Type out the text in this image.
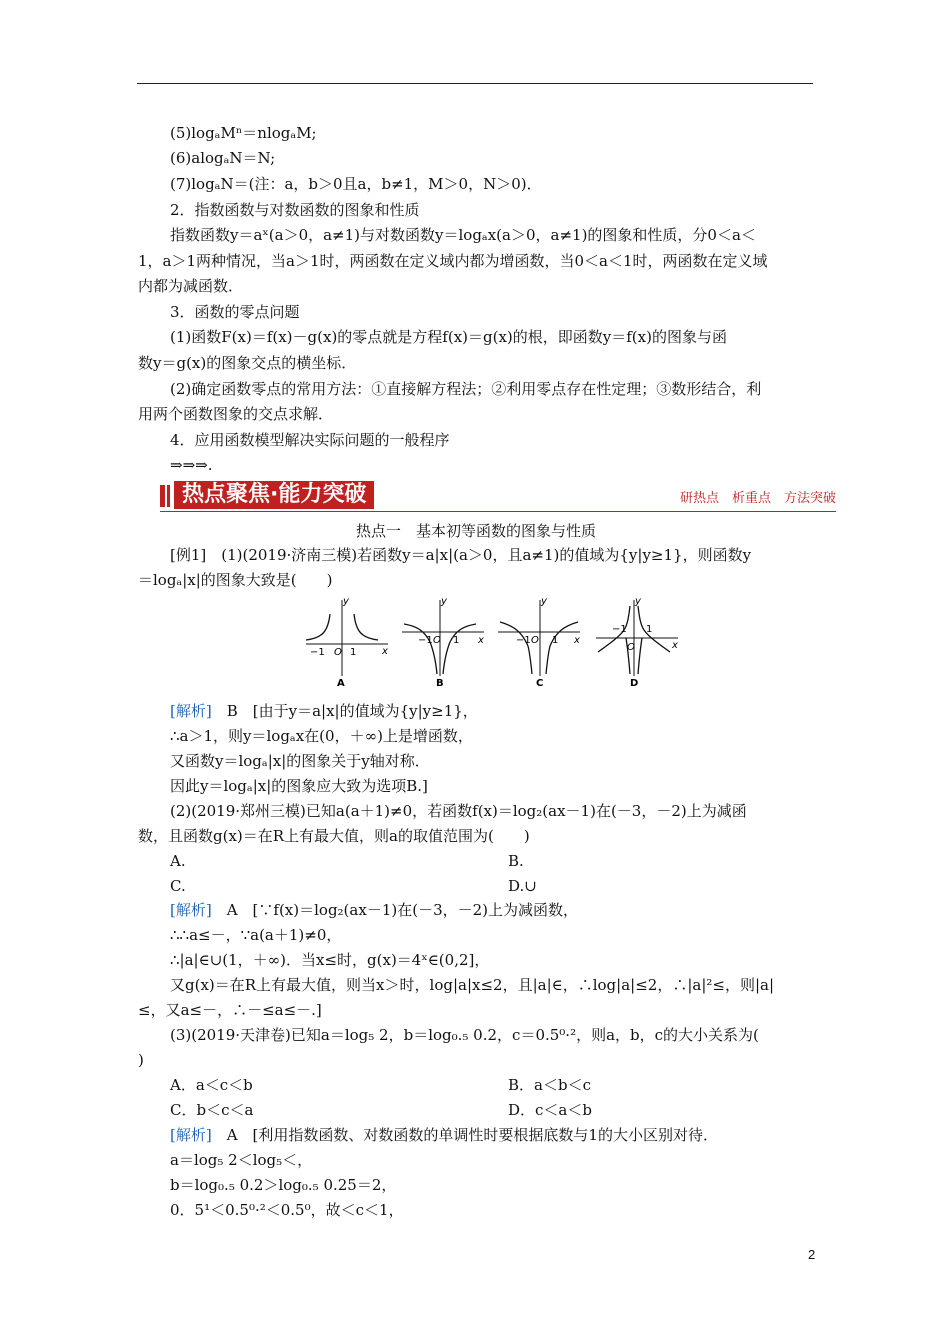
(5)logₐMⁿ＝nlogₐM;
(6)alogₐN＝N;
(7)logₐN＝(注：a，b＞0且a，b≠1，M＞0，N＞0)．
2．指数函数与对数函数的图象和性质
指数函数y＝aˣ(a＞0，a≠1)与对数函数y＝logₐx(a＞0，a≠1)的图象和性质，分0＜a＜
1，a＞1两种情况，当a＞1时，两函数在定义域内都为增函数，当0＜a＜1时，两函数在定义域
内都为减函数．
3．函数的零点问题
(1)函数F(x)＝f(x)－g(x)的零点就是方程f(x)＝g(x)的根，即函数y＝f(x)的图象与函
数y＝g(x)的图象交点的横坐标．
(2)确定函数零点的常用方法：①直接解方程法；②利用零点存在性定理；③数形结合，利
用两个函数图象的交点求解．
4．应用函数模型解决实际问题的一般程序
⇒⇒⇒.
热点聚焦·能力突破	研热点　析重点　方法突破
热点一　基本初等函数的图象与性质
[例1]　(1)(2019·济南三模)若函数y＝a|x|(a＞0，且a≠1)的值域为{y|y≥1}，则函数y
＝logₐ|x|的图象大致是(　　)
y
x
−1 O 1
A
y
x
−1 O 1
B
y
x
−1 O 1
C
y
x
−1
O
1
D
[解析]　B　[由于y＝a|x|的值域为{y|y≥1}，
∴a＞1，则y＝logₐx在(0，＋∞)上是增函数，
又函数y＝logₐ|x|的图象关于y轴对称．
因此y＝logₐ|x|的图象应大致为选项B.]
(2)(2019·郑州三模)已知a(a＋1)≠0，若函数f(x)＝log₂(ax－1)在(－3，－2)上为减函
数，且函数g(x)＝在R上有最大值，则a的取值范围为(　　)
A.	B.
C.	D.∪
[解析]　A　[∵f(x)＝log₂(ax－1)在(－3，－2)上为减函数，
∴∴a≤－，∵a(a＋1)≠0，
∴|a|∈∪(1，＋∞)．当x≤时，g(x)＝4ˣ∈(0,2]，
又g(x)＝在R上有最大值，则当x＞时，log|a|x≤2，且|a|∈，∴log|a|≤2，∴|a|²≤，则|a|
≤，又a≤－，∴－≤a≤－.]
(3)(2019·天津卷)已知a＝log₅ 2，b＝log₀.₅ 0.2，c＝0.5⁰·²，则a，b，c的大小关系为(
)
A．a＜c＜b	B．a＜b＜c
C．b＜c＜a	D．c＜a＜b
[解析]　A　[利用指数函数、对数函数的单调性时要根据底数与1的大小区别对待．
a＝log₅ 2＜log₅＜，
b＝log₀.₅ 0.2＞log₀.₅ 0.25＝2，
0．5¹＜0.5⁰·²＜0.5⁰，故＜c＜1，
2
